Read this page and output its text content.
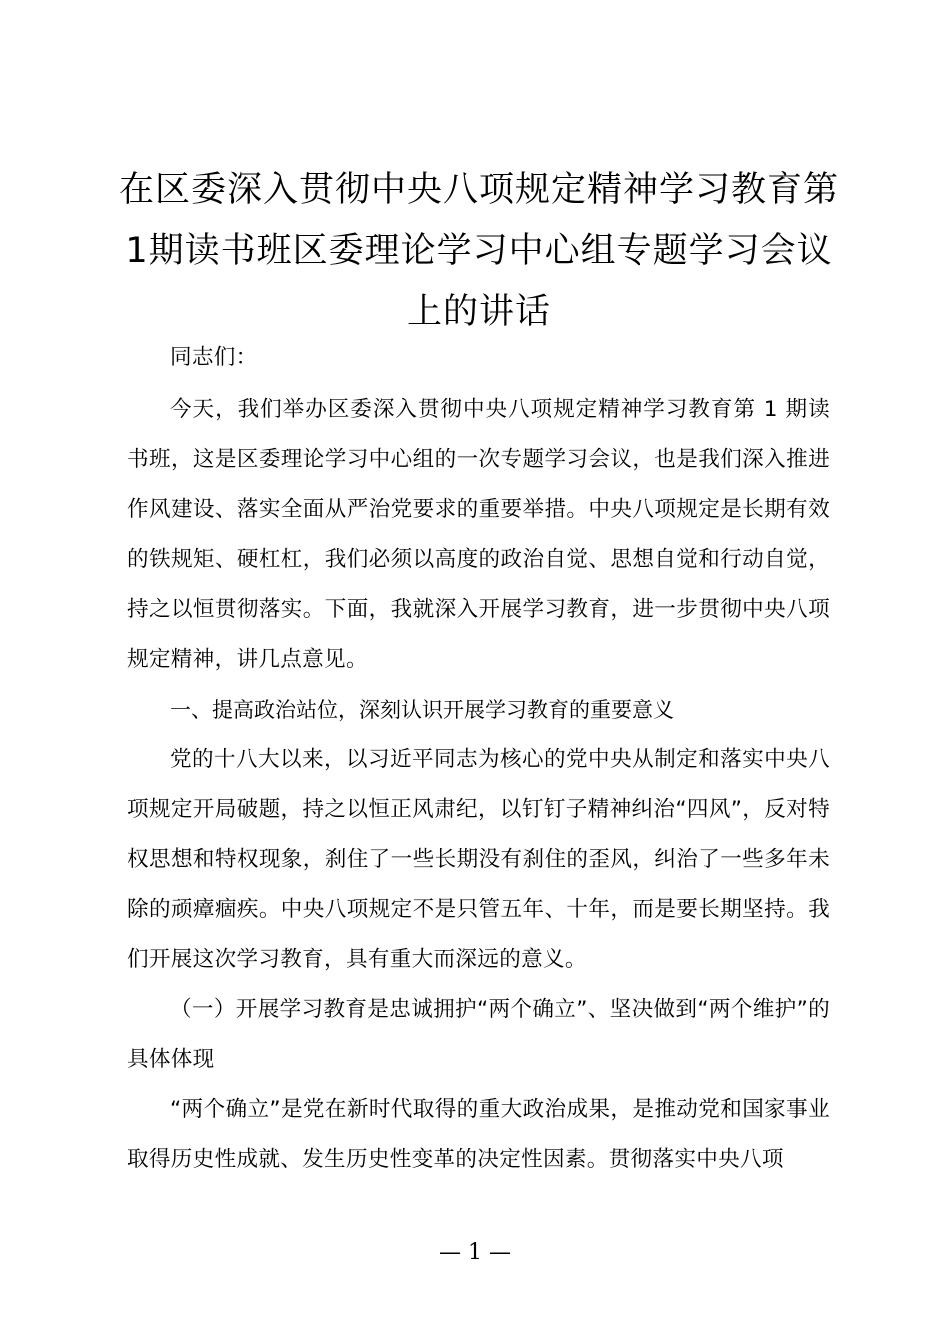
在区委深入贯彻中央八项规定精神学习教育第
1期读书班区委理论学习中心组专题学习会议
上的讲话

同志们：

今天，我们举办区委深入贯彻中央八项规定精神学习教育第 1 期读书班，这是区委理论学习中心组的一次专题学习会议，也是我们深入推进作风建设、落实全面从严治党要求的重要举措。中央八项规定是长期有效的铁规矩、硬杠杠，我们必须以高度的政治自觉、思想自觉和行动自觉，持之以恒贯彻落实。下面，我就深入开展学习教育，进一步贯彻中央八项规定精神，讲几点意见。

一、提高政治站位，深刻认识开展学习教育的重要意义

党的十八大以来，以习近平同志为核心的党中央从制定和落实中央八项规定开局破题，持之以恒正风肃纪，以钉钉子精神纠治“四风”，反对特权思想和特权现象，刹住了一些长期没有刹住的歪风，纠治了一些多年未除的顽瘴痼疾。中央八项规定不是只管五年、十年，而是要长期坚持。我们开展这次学习教育，具有重大而深远的意义。

（一）开展学习教育是忠诚拥护“两个确立”、坚决做到“两个维护”的具体体现

“两个确立”是党在新时代取得的重大政治成果，是推动党和国家事业取得历史性成就、发生历史性变革的决定性因素。贯彻落实中央八项

— 1 —
